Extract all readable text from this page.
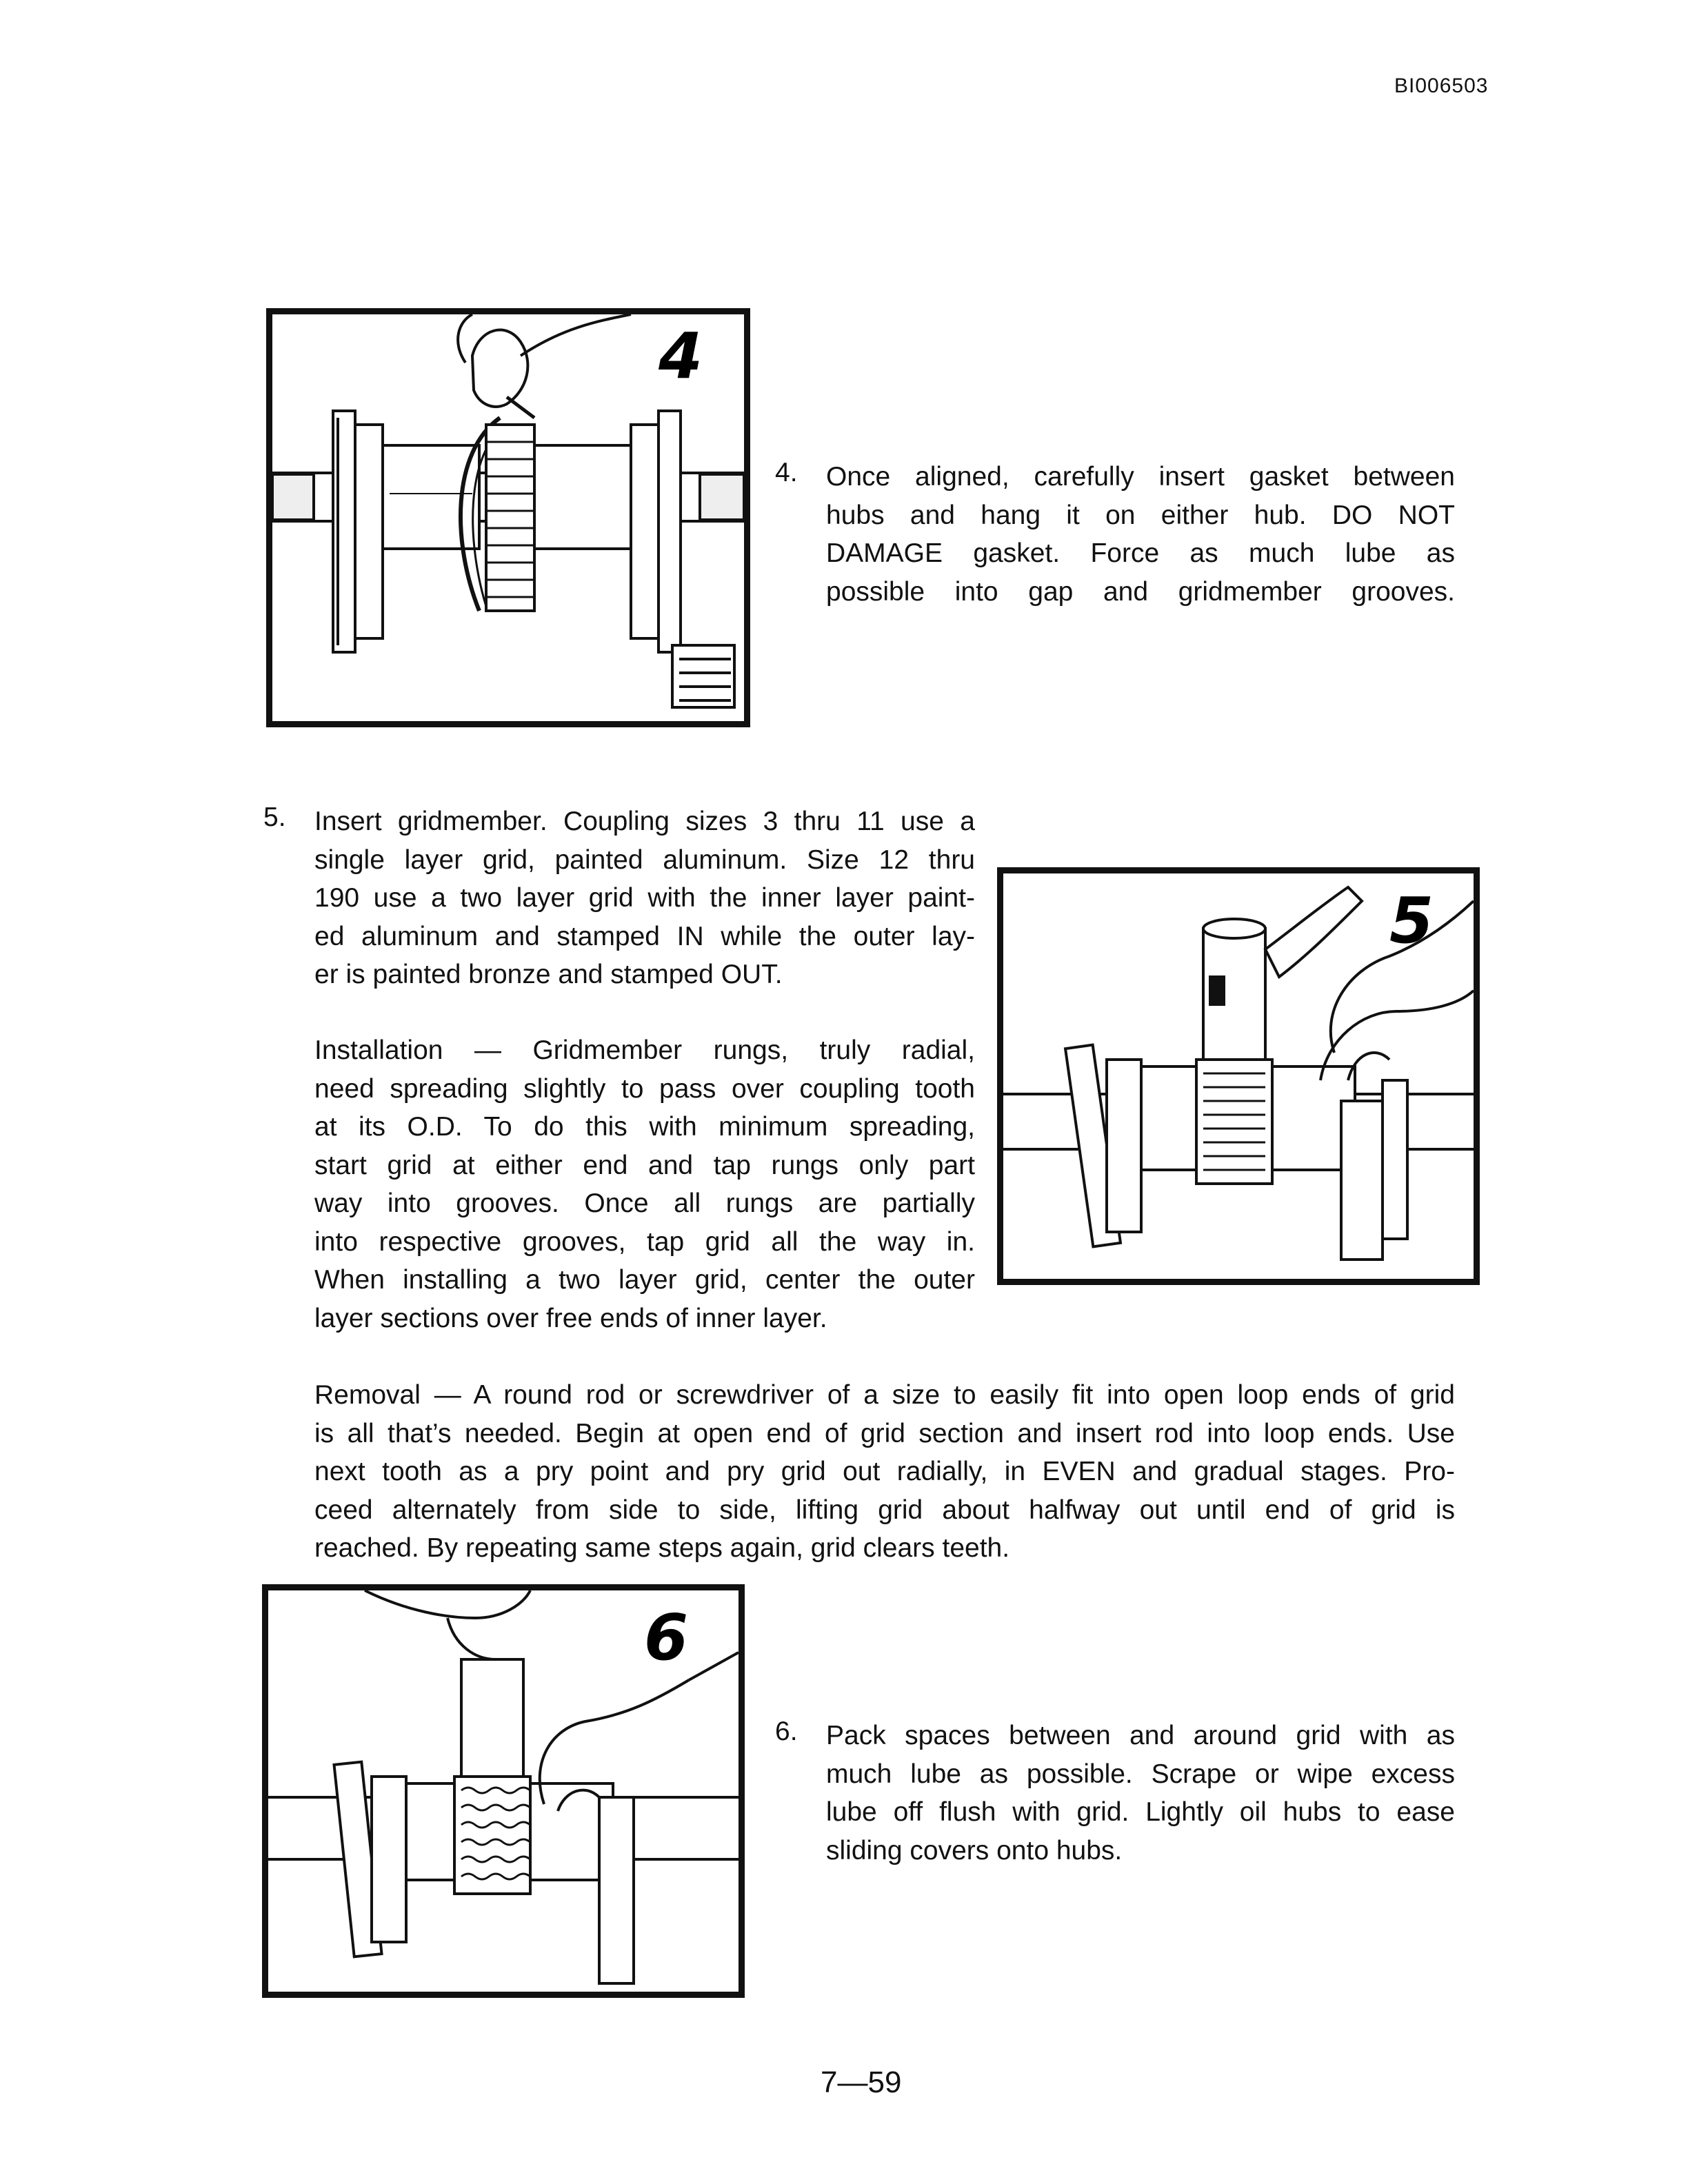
BI006503
4
4. Once aligned, carefully insert gasket between
hubs and hang it on either hub. DO NOT
DAMAGE gasket. Force as much lube as
possible into gap and gridmember grooves.
5. Insert gridmember. Coupling sizes 3 thru 11 use a
single layer grid, painted aluminum. Size 12 thru
190 use a two layer grid with the inner layer paint-
ed aluminum and stamped IN while the outer lay-
er is painted bronze and stamped OUT.
Installation — Gridmember rungs, truly radial,
need spreading slightly to pass over coupling tooth
at its O.D. To do this with minimum spreading,
start grid at either end and tap rungs only part
way into grooves. Once all rungs are partially
into respective grooves, tap grid all the way in.
When installing a two layer grid, center the outer
layer sections over free ends of inner layer.
5
Removal — A round rod or screwdriver of a size to easily fit into open loop ends of grid
is all that’s needed. Begin at open end of grid section and insert rod into loop ends. Use
next tooth as a pry point and pry grid out radially, in EVEN and gradual stages. Pro-
ceed alternately from side to side, lifting grid about halfway out until end of grid is
reached. By repeating same steps again, grid clears teeth.
6
6. Pack spaces between and around grid with as
much lube as possible. Scrape or wipe excess
lube off flush with grid. Lightly oil hubs to ease
sliding covers onto hubs.
7—59
